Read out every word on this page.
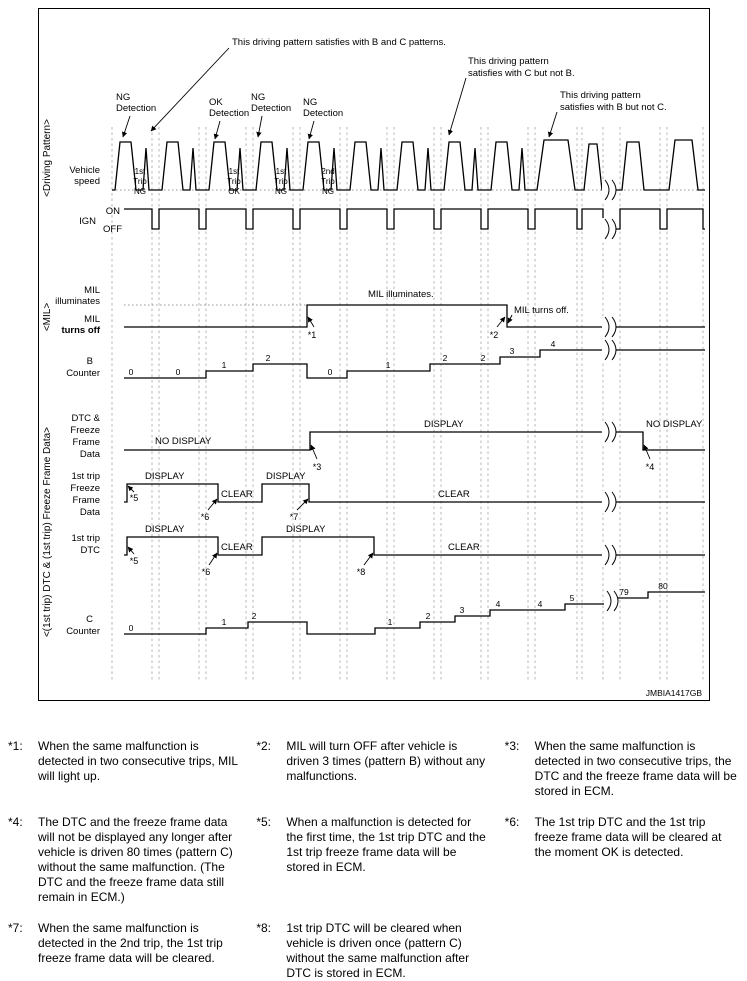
This driving pattern satisfies with B and C patterns.
This driving pattern
satisfies with C but not B.
This driving pattern
satisfies with B but not C.
NG
Detection
OK
Detection
NG
Detection
NG
Detection
1st
Trip
NG
1st
Trip
OK
1st
Trip
NG
2nd
Trip
NG
Vehicle
speed
IGN
ON
OFF
MIL
illuminates
MIL
turns off
B
Counter
DTC &
Freeze
Frame
Data
1st trip
Freeze
Frame
Data
1st trip
DTC
C
Counter
MIL illuminates.
MIL turns off.
*1	*2
NO DISPLAY
DISPLAY	NO DISPLAY
*3	*4
DISPLAY
CLEAR
DISPLAY
CLEAR
*5
*6	*7
DISPLAY
CLEAR
DISPLAY
CLEAR
*5
*6	*8
0	0
1
2
0
1
2	2
3
4
0
1
2
1
2
3
4	4
5
79
80
<Driving Pattern>
<MIL>
<(1st trip) DTC & (1st trip) Freeze Frame Data>
JMBIA1417GB
*1:	When the same malfunction is detected in two consecutive trips, MIL will light up.
*2:	MIL will turn OFF after vehicle is driven 3 times (pattern B) without any malfunctions.
*3:	When the same malfunction is detected in two consecutive trips, the DTC and the freeze frame data will be stored in ECM.
*4:	The DTC and the freeze frame data will not be displayed any longer after vehicle is driven 80 times (pattern C) without the same malfunction. (The DTC and the freeze frame data still remain in ECM.)
*5:	When a malfunction is detected for the first time, the 1st trip DTC and the 1st trip freeze frame data will be stored in ECM.
*6:	The 1st trip DTC and the 1st trip freeze frame data will be cleared at the moment OK is detected.
*7:	When the same malfunction is detected in the 2nd trip, the 1st trip freeze frame data will be cleared.
*8:	1st trip DTC will be cleared when vehicle is driven once (pattern C) without the same malfunction after DTC is stored in ECM.
